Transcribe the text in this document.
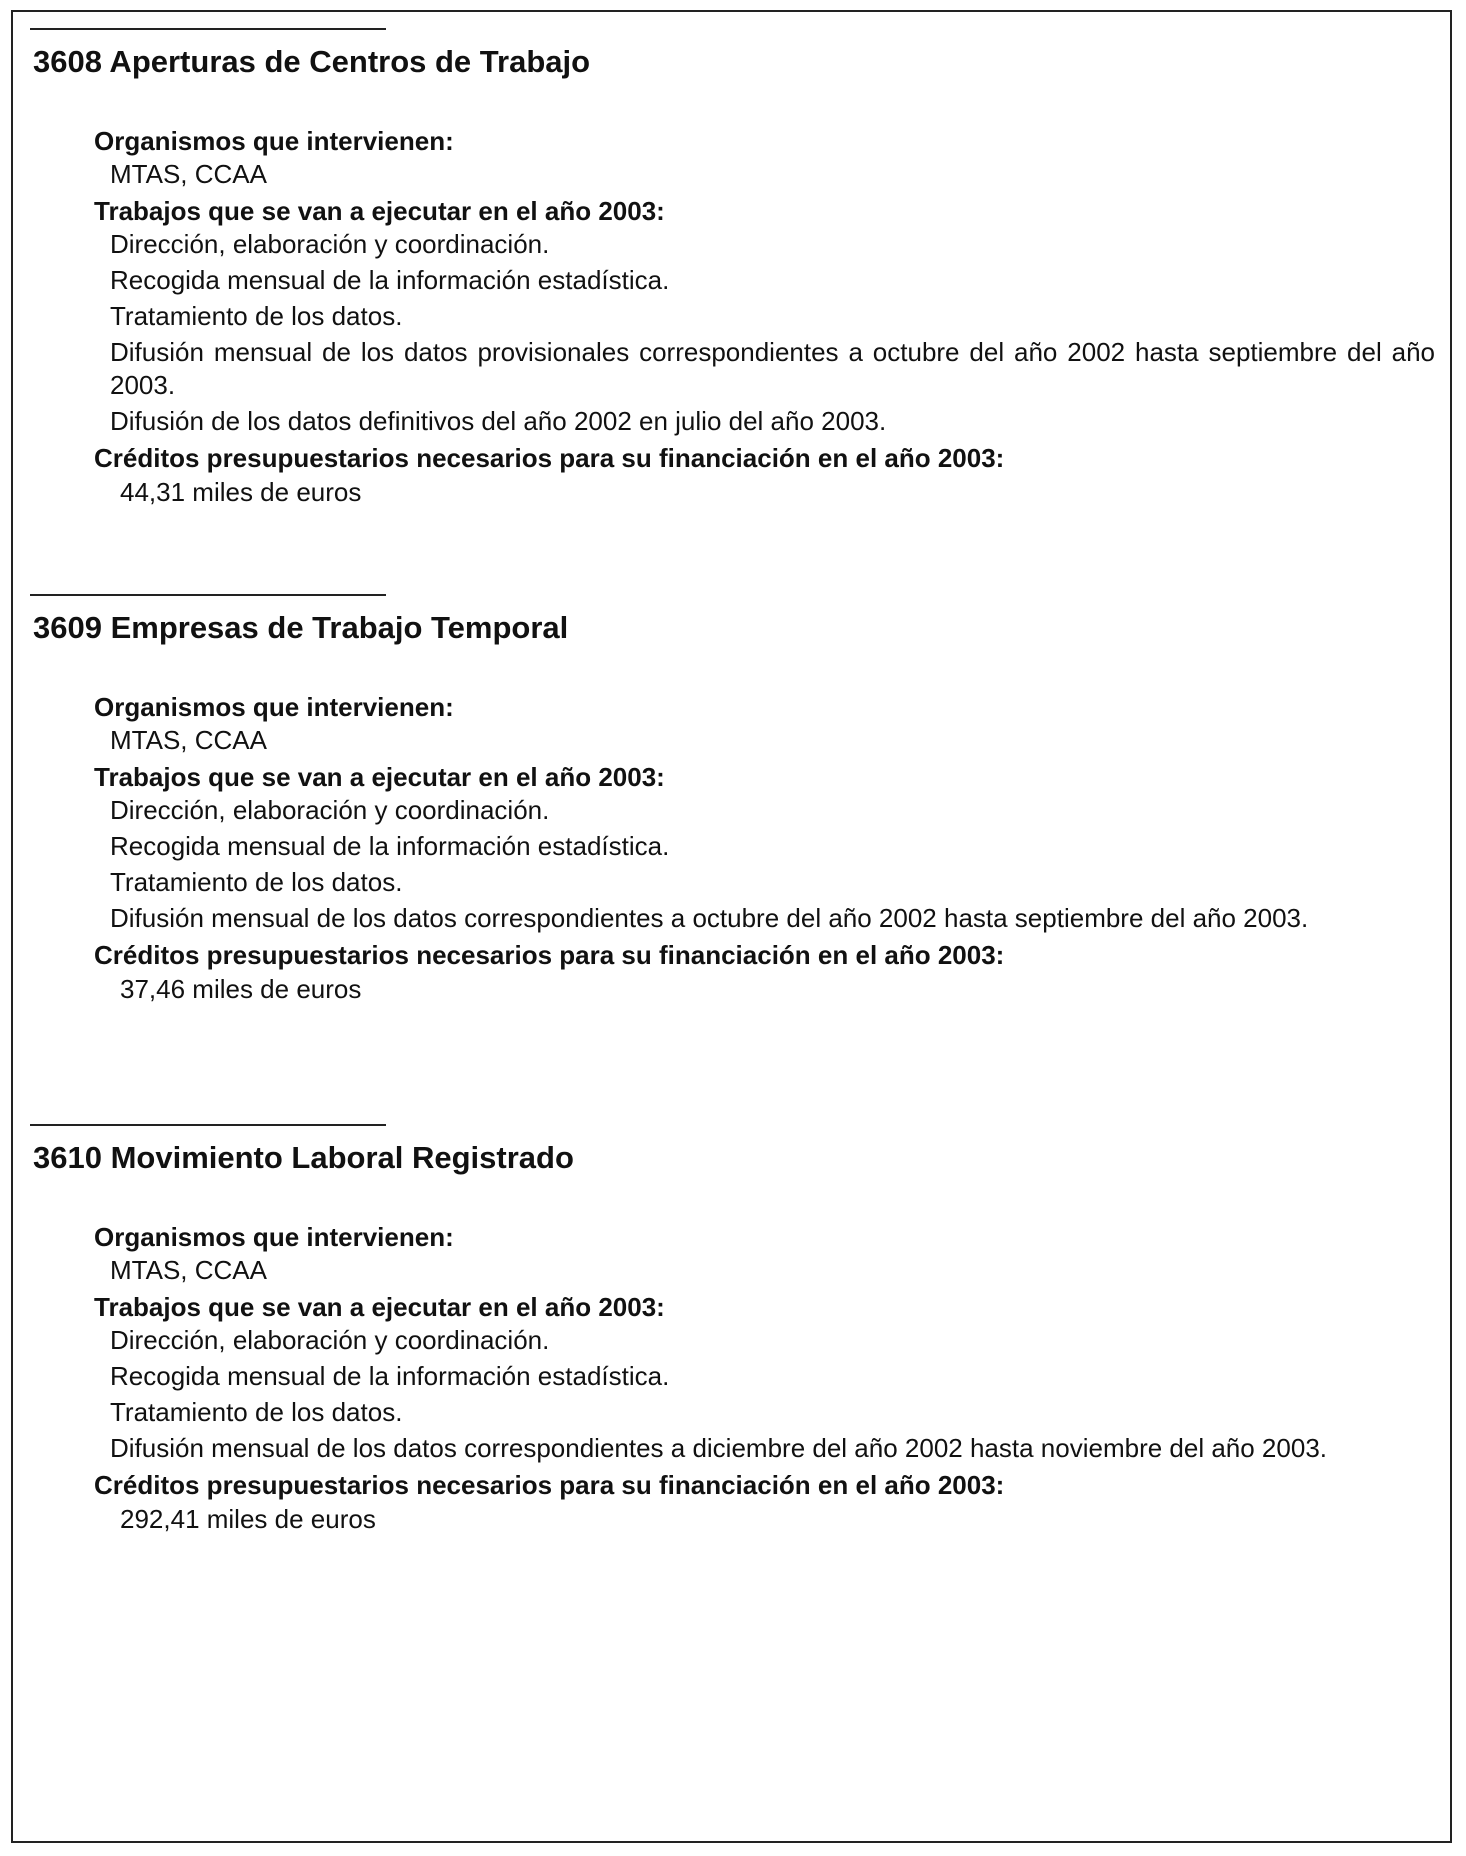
3608 Aperturas de Centros de Trabajo
Organismos que intervienen:
MTAS, CCAA
Trabajos que se van a ejecutar en el año 2003:
Dirección, elaboración y coordinación.
Recogida mensual de la información estadística.
Tratamiento de los datos.
Difusión mensual de los datos provisionales correspondientes a octubre del año 2002 hasta septiembre del año 2003.
Difusión de los datos definitivos del año 2002 en julio del año 2003.
Créditos presupuestarios necesarios para su financiación en el año 2003:
44,31 miles de euros
3609 Empresas de Trabajo Temporal
Organismos que intervienen:
MTAS, CCAA
Trabajos que se van a ejecutar en el año 2003:
Dirección, elaboración y coordinación.
Recogida mensual de la información estadística.
Tratamiento de los datos.
Difusión mensual de los datos correspondientes a octubre del año 2002 hasta septiembre del año 2003.
Créditos presupuestarios necesarios para su financiación en el año 2003:
37,46 miles de euros
3610 Movimiento Laboral Registrado
Organismos que intervienen:
MTAS, CCAA
Trabajos que se van a ejecutar en el año 2003:
Dirección, elaboración y coordinación.
Recogida mensual de la información estadística.
Tratamiento de los datos.
Difusión mensual de los datos correspondientes a diciembre del año 2002 hasta noviembre del año 2003.
Créditos presupuestarios necesarios para su financiación en el año 2003:
292,41 miles de euros
